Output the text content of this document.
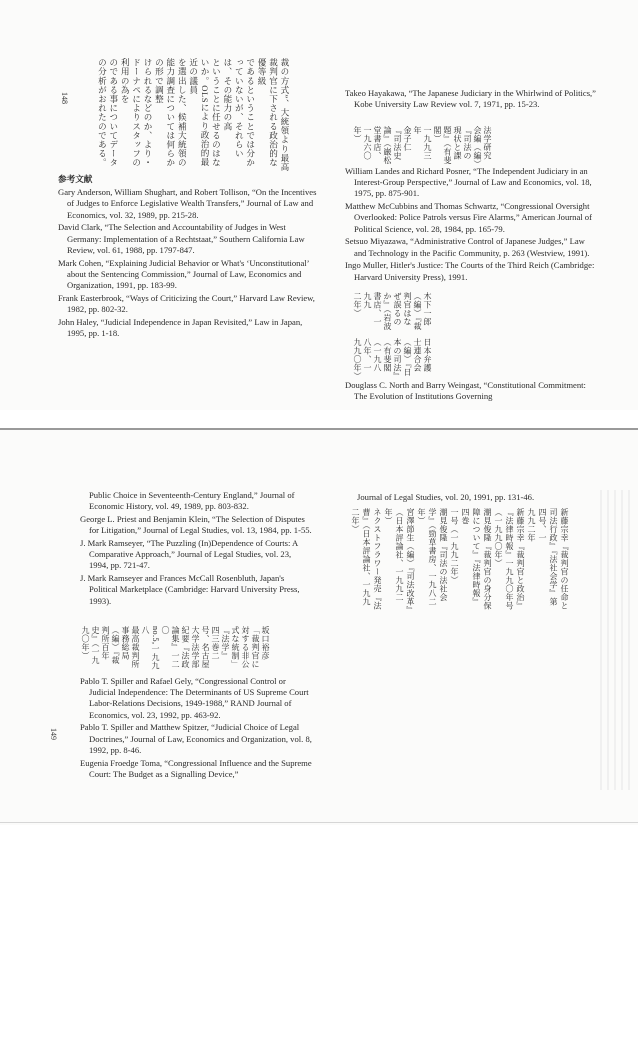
148	裁の方式”、大統領より最高裁判官に下される政治的な優等級
であるということでは分かっていないが、それらいは、その能力の高
ということに任せるのはないか。OLSにより政治的最近の議員
を選出した、候補大統領の能力調査については何らかの形で調整
けられるなどのか、より・ドーナペによりスタッフの利用の為を
のである事についてデータの分析がおれたのである。
参考文献

Gary Anderson, William Shughart, and Robert Tollison, “On the Incentives of Judges to Enforce Legislative Wealth Transfers,” Journal of Law and Economics, vol. 32, 1989, pp. 215-28.

David Clark, “The Selection and Accountability of Judges in West Germany: Implementation of a Rechtstaat,” Southern California Law Review, vol. 61, 1988, pp. 1797-847.

Mark Cohen, “Explaining Judicial Behavior or What's ‘Unconstitutional’ about the Sentencing Commission,” Journal of Law, Economics and Organization, 1991, pp. 183-99.

Frank Easterbrook, “Ways of Criticizing the Court,” Harvard Law Review, 1982, pp. 802-32.

John Haley, “Judicial Independence in Japan Revisited,” Law in Japan, 1995, pp. 1-18.

Takeo Hayakawa, “The Japanese Judiciary in the Whirlwind of Politics,” Kobe University Law Review vol. 7, 1971, pp. 15-23.

法学研究会編（編）『司法の現状と課題』（有斐閣）
一九九三年
金子仁『司法史論』（巌松堂書店、一九六〇年）

William Landes and Richard Posner, “The Independent Judiciary in an Interest-Group Perspective,” Journal of Law and Economics, vol. 18, 1975, pp. 875-901.

Matthew McCubbins and Thomas Schwartz, “Congressional Oversight Overlooked: Police Patrols versus Fire Alarms,” American Journal of Political Science, vol. 28, 1984, pp. 165-79.

Setsuo Miyazawa, “Administrative Control of Japanese Judges,” Law and Technology in the Pacific Community, p. 263 (Westview, 1991).

Ingo Muller, Hitler's Justice: The Courts of the Third Reich (Cambridge: Harvard University Press), 1991.

木下一郎（編）『裁判官はなぜ誤るのか』（岩波書店、一九九
二年）
日本弁護士連合会（編）『日本の司法』（有斐閣
（一九八八年、一九九〇年）

Douglass C. North and Barry Weingast, “Constitutional Commitment: The Evolution of Institutions Governing

149

Public Choice in Seventeenth-Century England,” Journal of Economic History, vol. 49, 1989, pp. 803-832.

George L. Priest and Benjamin Klein, “The Selection of Disputes for Litigation,” Journal of Legal Studies, vol. 13, 1984, pp. 1-55.

J. Mark Ramseyer, “The Puzzling (In)Dependence of Courts: A Comparative Approach,” Journal of Legal Studies, vol. 23, 1994, pp. 721-47.

J. Mark Ramseyer and Frances McCall Rosenbluth, Japan's Political Marketplace (Cambridge: Harvard University Press, 1993).

坂口裕彦「裁判官に対する非公式な統制」『法学』
四三巻二号、名古屋大学法学部紀要『法政論集』一二〇
no.5,一九九八
最高裁判所事務総局（編）『裁判所百年史』（一九九〇年）

Pablo T. Spiller and Rafael Gely, “Congressional Control or Judicial Independence: The Determinants of US Supreme Court Labor-Relations Decisions, 1949-1988,” RAND Journal of Economics, vol. 23, 1992, pp. 463-92.

Pablo T. Spiller and Matthew Spitzer, “Judicial Choice of Legal Doctrines,” Journal of Law, Economics and Organization, vol. 8, 1992, pp. 8-46.

Eugenia Froedge Toma, “Congressional Influence and the Supreme Court: The Budget as a Signalling Device,”

Journal of Legal Studies, vol. 20, 1991, pp. 131-46.

新藤宗幸『裁判官の任命と司法行政』『法社会学』第四号、一
九九二年
新藤宗幸『裁判官と政治』『法律時報』一九九〇年号
（一九九〇年）
潮見俊隆『裁判官の身分保障について』『法律時報』四巻
一号（一九九二年）
潮見俊隆『司法の法社会学』（勁草書房、一九八二年）
宮澤節生（編）『司法改革』（日本評論社、一九九二年）
ネクストフラワー発売『法曹』（日本評論社、一九九二年）
